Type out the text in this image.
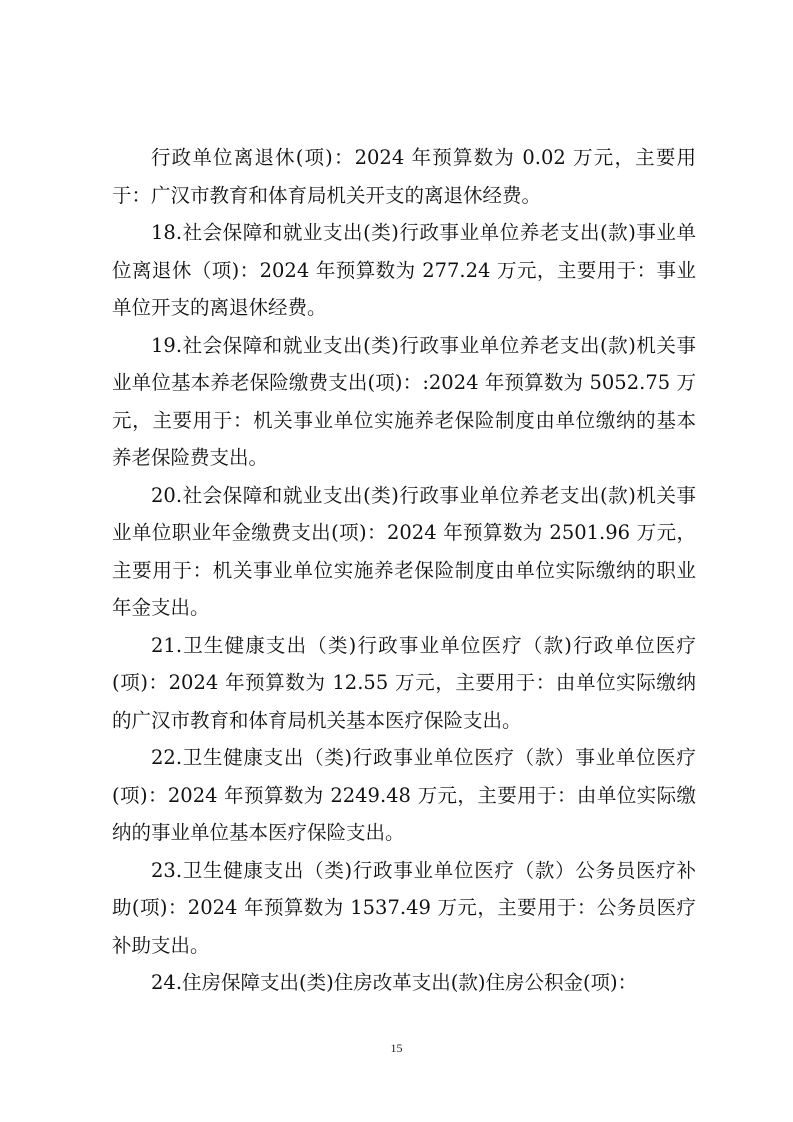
行政单位离退休(项)：2024 年预算数为 0.02 万元，主要用于：广汉市教育和体育局机关开支的离退休经费。

18.社会保障和就业支出(类)行政事业单位养老支出(款)事业单位离退休（项)：2024 年预算数为 277.24 万元，主要用于：事业单位开支的离退休经费。

19.社会保障和就业支出(类)行政事业单位养老支出(款)机关事业单位基本养老保险缴费支出(项)：:2024 年预算数为 5052.75 万元，主要用于：机关事业单位实施养老保险制度由单位缴纳的基本养老保险费支出。

20.社会保障和就业支出(类)行政事业单位养老支出(款)机关事业单位职业年金缴费支出(项)：2024 年预算数为 2501.96 万元，主要用于：机关事业单位实施养老保险制度由单位实际缴纳的职业年金支出。

21.卫生健康支出（类)行政事业单位医疗（款)行政单位医疗(项)：2024 年预算数为 12.55 万元，主要用于：由单位实际缴纳的广汉市教育和体育局机关基本医疗保险支出。

22.卫生健康支出（类)行政事业单位医疗（款）事业单位医疗(项)：2024 年预算数为 2249.48 万元，主要用于：由单位实际缴纳的事业单位基本医疗保险支出。

23.卫生健康支出（类)行政事业单位医疗（款）公务员医疗补助(项)：2024 年预算数为 1537.49 万元，主要用于：公务员医疗补助支出。

24.住房保障支出(类)住房改革支出(款)住房公积金(项)：

15
